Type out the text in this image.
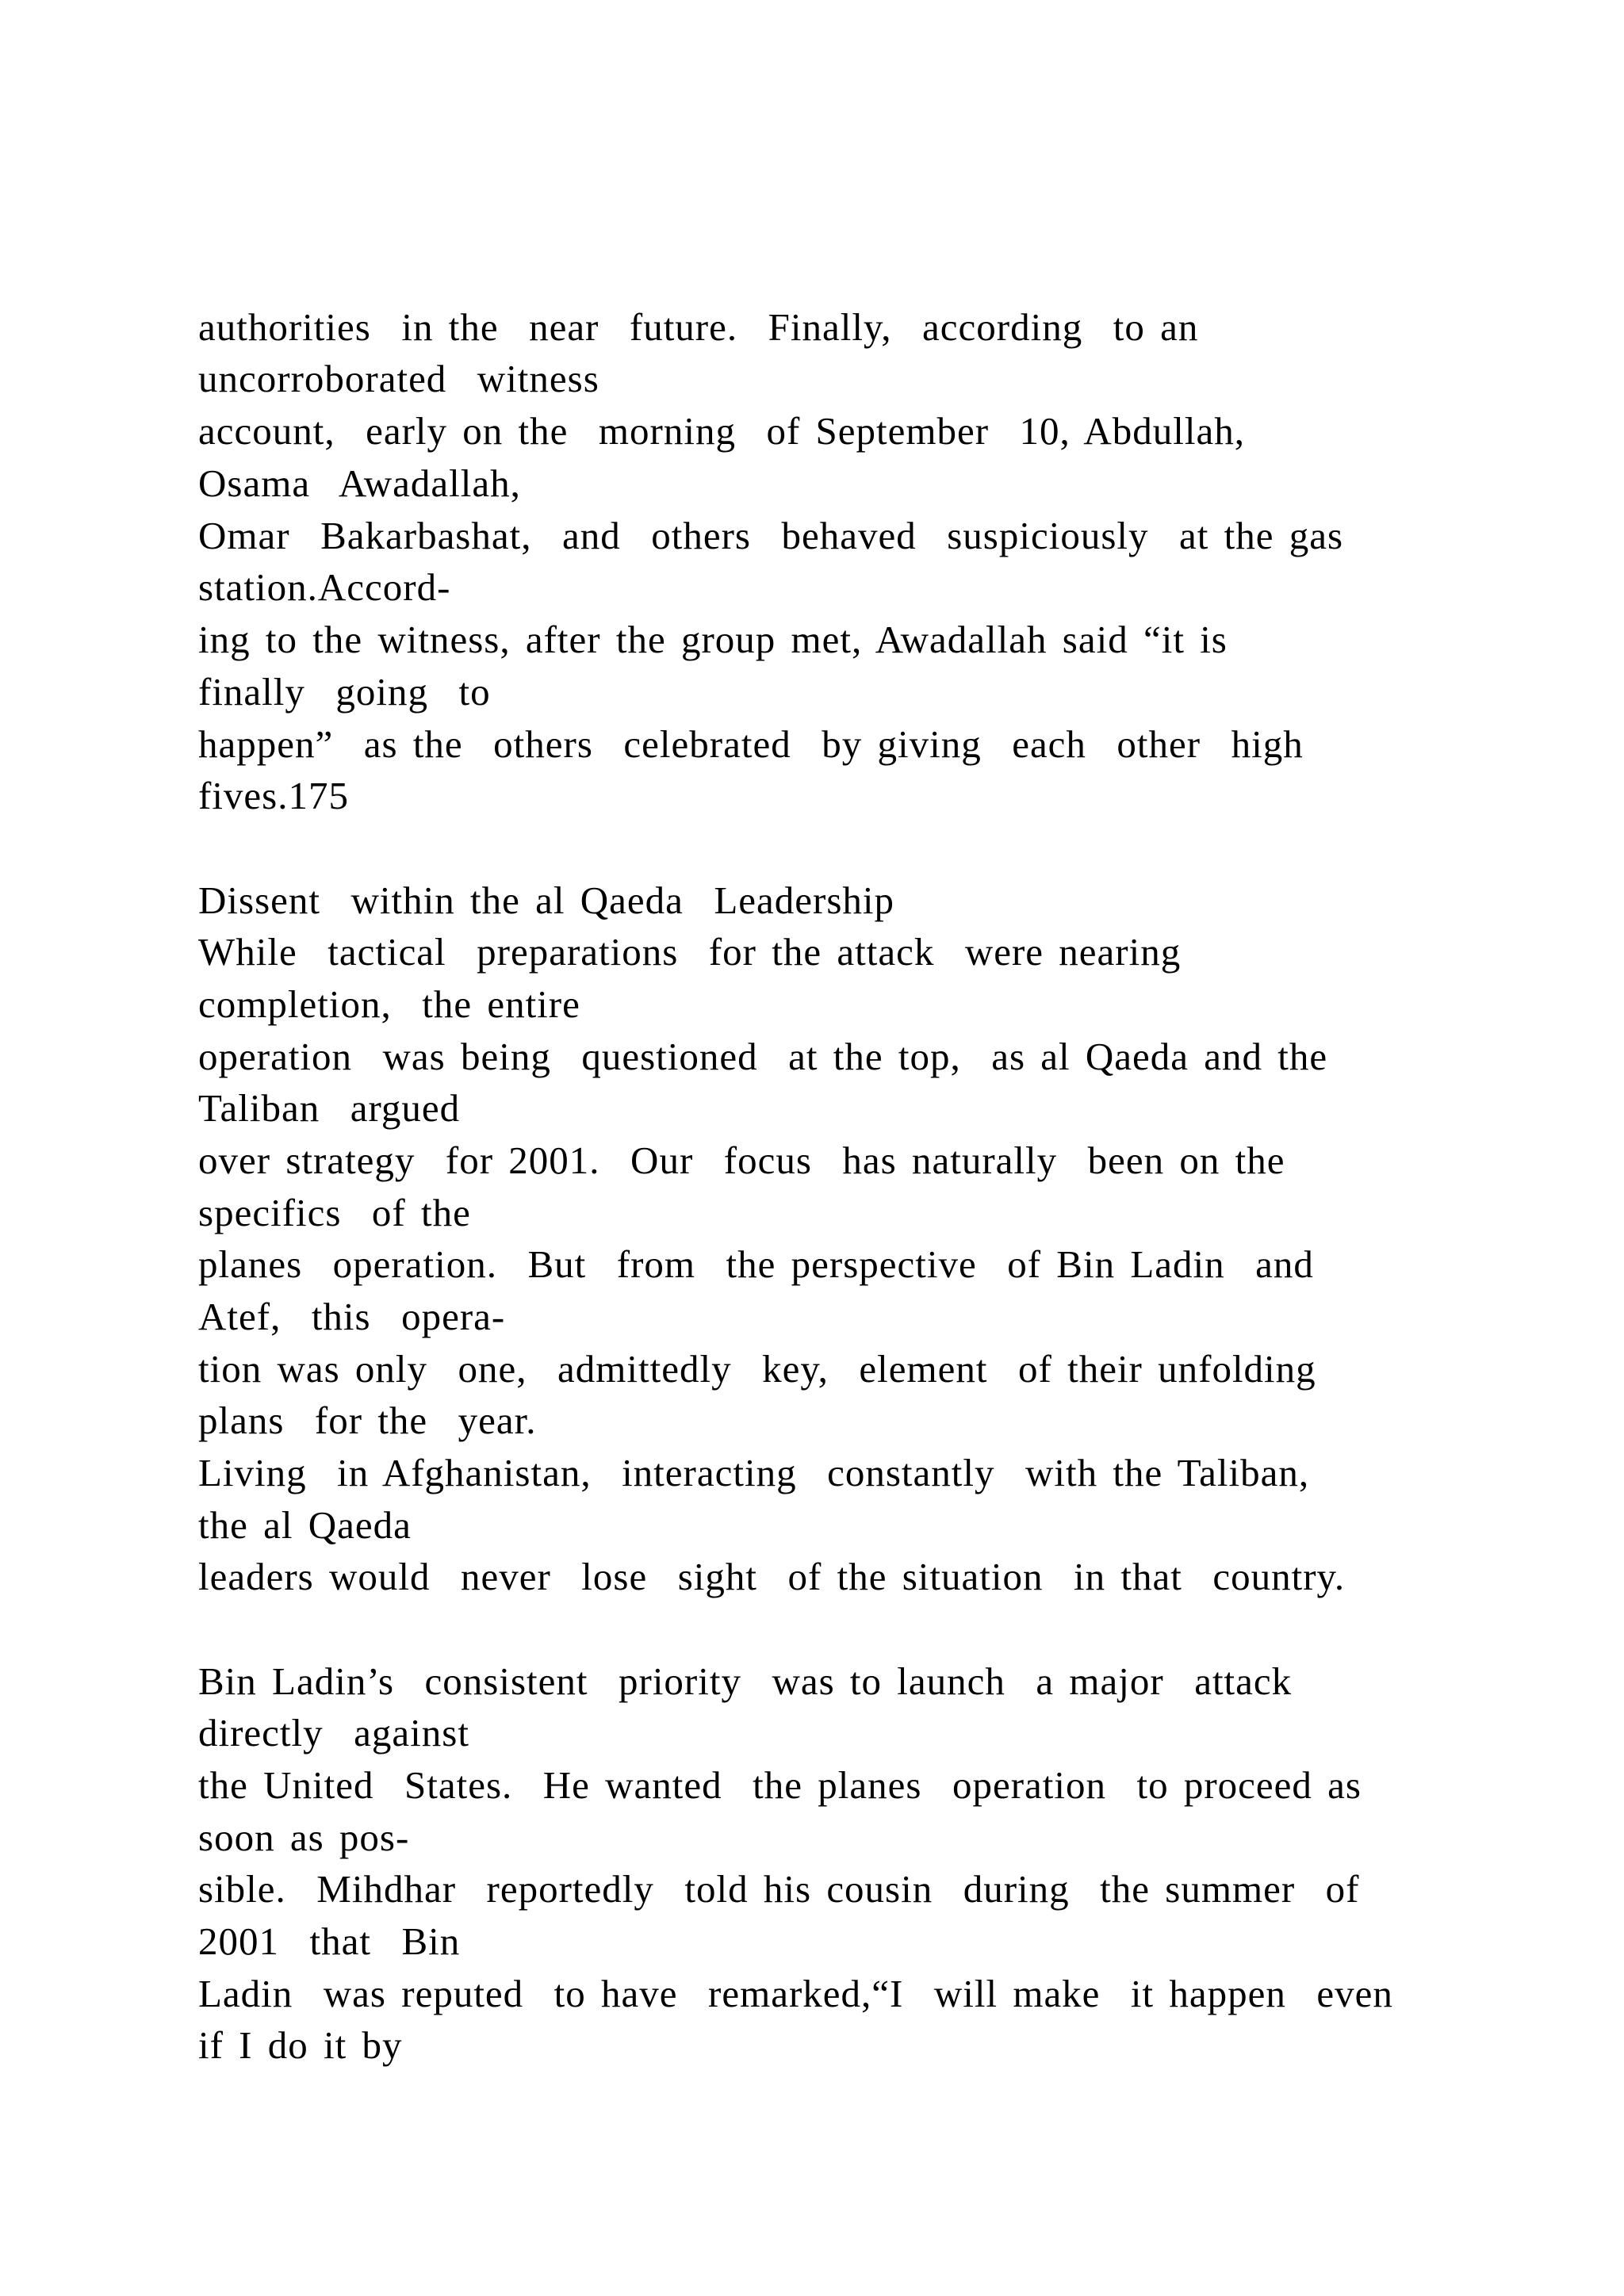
authorities  in the  near  future.  Finally,  according  to an

uncorroborated  witness

account,  early on the  morning  of September  10, Abdullah,

Osama  Awadallah,

Omar  Bakarbashat,  and  others  behaved  suspiciously  at the gas

station.Accord-

ing to the witness, after the group met, Awadallah said “it is

finally  going  to

happen”  as the  others  celebrated  by giving  each  other  high

fives.175

Dissent  within the al Qaeda  Leadership

While  tactical  preparations  for the attack  were nearing

completion,  the entire

operation  was being  questioned  at the top,  as al Qaeda and the

Taliban  argued

over strategy  for 2001.  Our  focus  has naturally  been on the

specifics  of the

planes  operation.  But  from  the perspective  of Bin Ladin  and

Atef,  this  opera-

tion was only  one,  admittedly  key,  element  of their unfolding

plans  for the  year.

Living  in Afghanistan,  interacting  constantly  with the Taliban,

the al Qaeda

leaders would  never  lose  sight  of the situation  in that  country.

Bin Ladin’s  consistent  priority  was to launch  a major  attack

directly  against

the United  States.  He wanted  the planes  operation  to proceed as

soon as pos-

sible.  Mihdhar  reportedly  told his cousin  during  the summer  of

2001  that  Bin

Ladin  was reputed  to have  remarked,“I  will make  it happen  even

if I do it by
